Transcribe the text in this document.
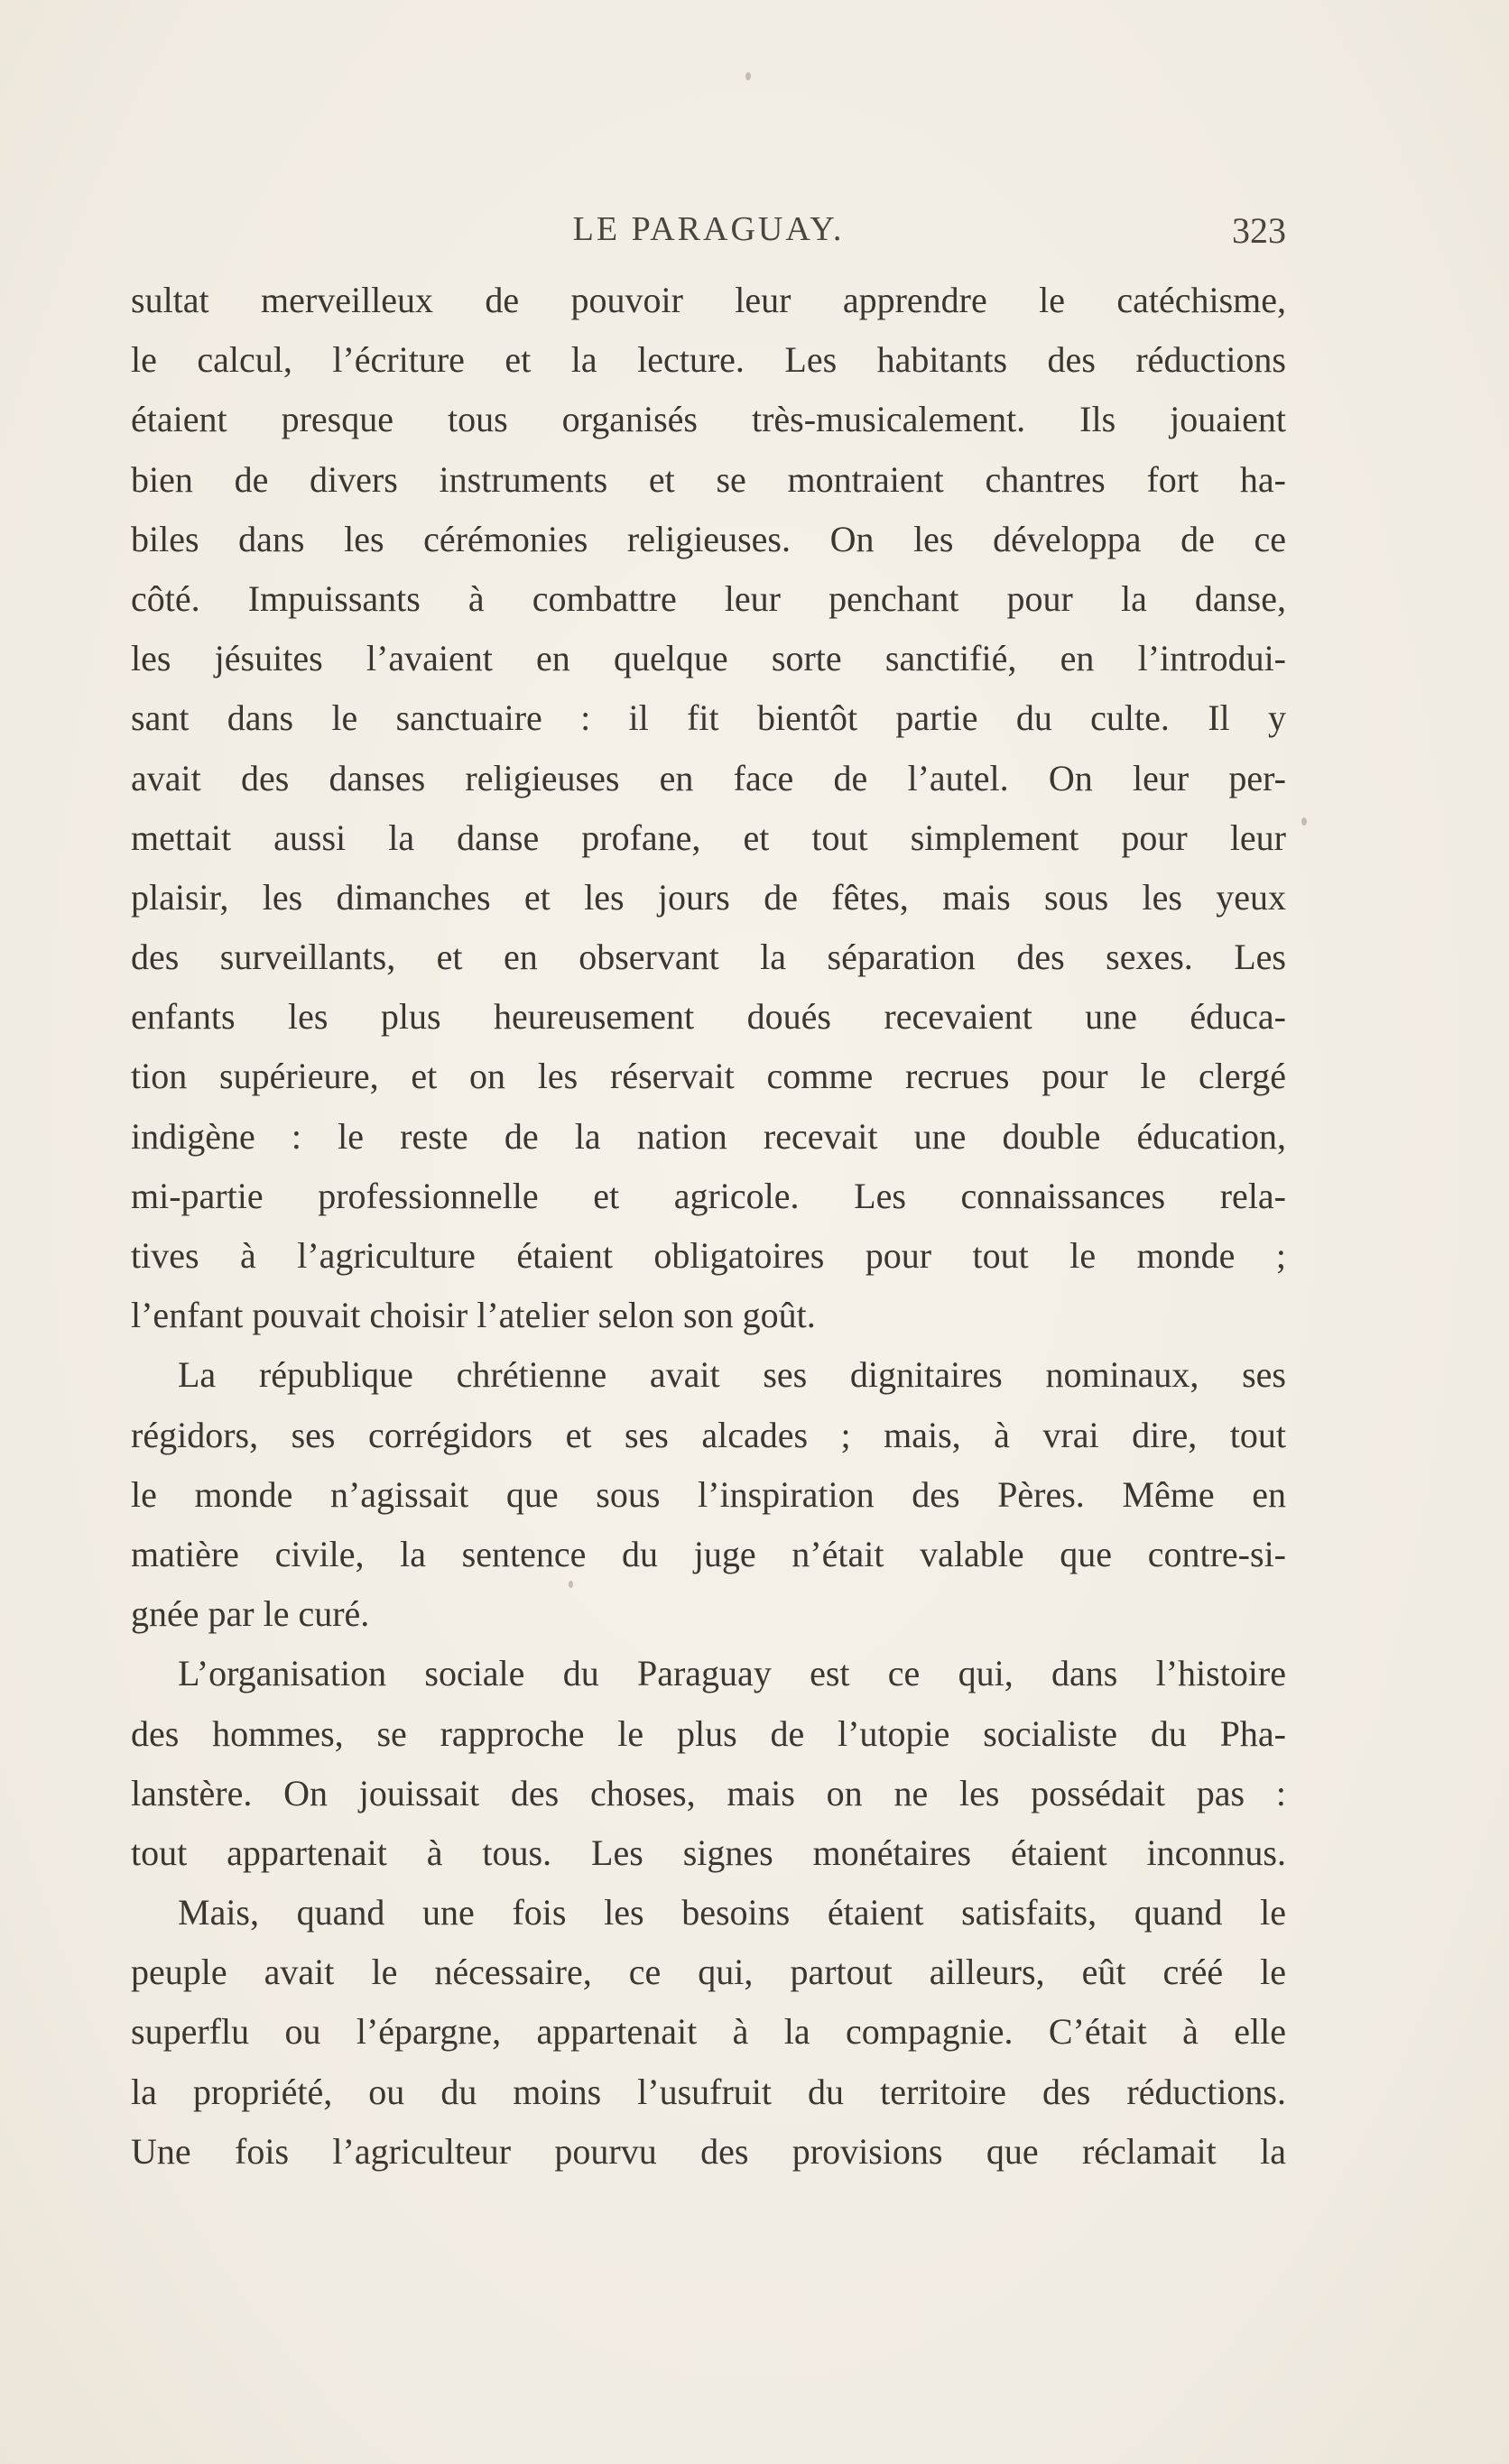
LE PARAGUAY.	323
sultat merveilleux de pouvoir leur apprendre le catéchisme,
le calcul, l’écriture et la lecture. Les habitants des réductions
étaient presque tous organisés très-musicalement. Ils jouaient
bien de divers instruments et se montraient chantres fort ha-
biles dans les cérémonies religieuses. On les développa de ce
côté. Impuissants à combattre leur penchant pour la danse,
les jésuites l’avaient en quelque sorte sanctifié, en l’introdui-
sant dans le sanctuaire : il fit bientôt partie du culte. Il y
avait des danses religieuses en face de l’autel. On leur per-
mettait aussi la danse profane, et tout simplement pour leur
plaisir, les dimanches et les jours de fêtes, mais sous les yeux
des surveillants, et en observant la séparation des sexes. Les
enfants les plus heureusement doués recevaient une éduca-
tion supérieure, et on les réservait comme recrues pour le clergé
indigène : le reste de la nation recevait une double éducation,
mi-partie professionnelle et agricole. Les connaissances rela-
tives à l’agriculture étaient obligatoires pour tout le monde ;
l’enfant pouvait choisir l’atelier selon son goût.
La république chrétienne avait ses dignitaires nominaux, ses
régidors, ses corrégidors et ses alcades ; mais, à vrai dire, tout
le monde n’agissait que sous l’inspiration des Pères. Même en
matière civile, la sentence du juge n’était valable que contre-si-
gnée par le curé.
L’organisation sociale du Paraguay est ce qui, dans l’histoire
des hommes, se rapproche le plus de l’utopie socialiste du Pha-
lanstère. On jouissait des choses, mais on ne les possédait pas :
tout appartenait à tous. Les signes monétaires étaient inconnus.
Mais, quand une fois les besoins étaient satisfaits, quand le
peuple avait le nécessaire, ce qui, partout ailleurs, eût créé le
superflu ou l’épargne, appartenait à la compagnie. C’était à elle
la propriété, ou du moins l’usufruit du territoire des réductions.
Une fois l’agriculteur pourvu des provisions que réclamait la
